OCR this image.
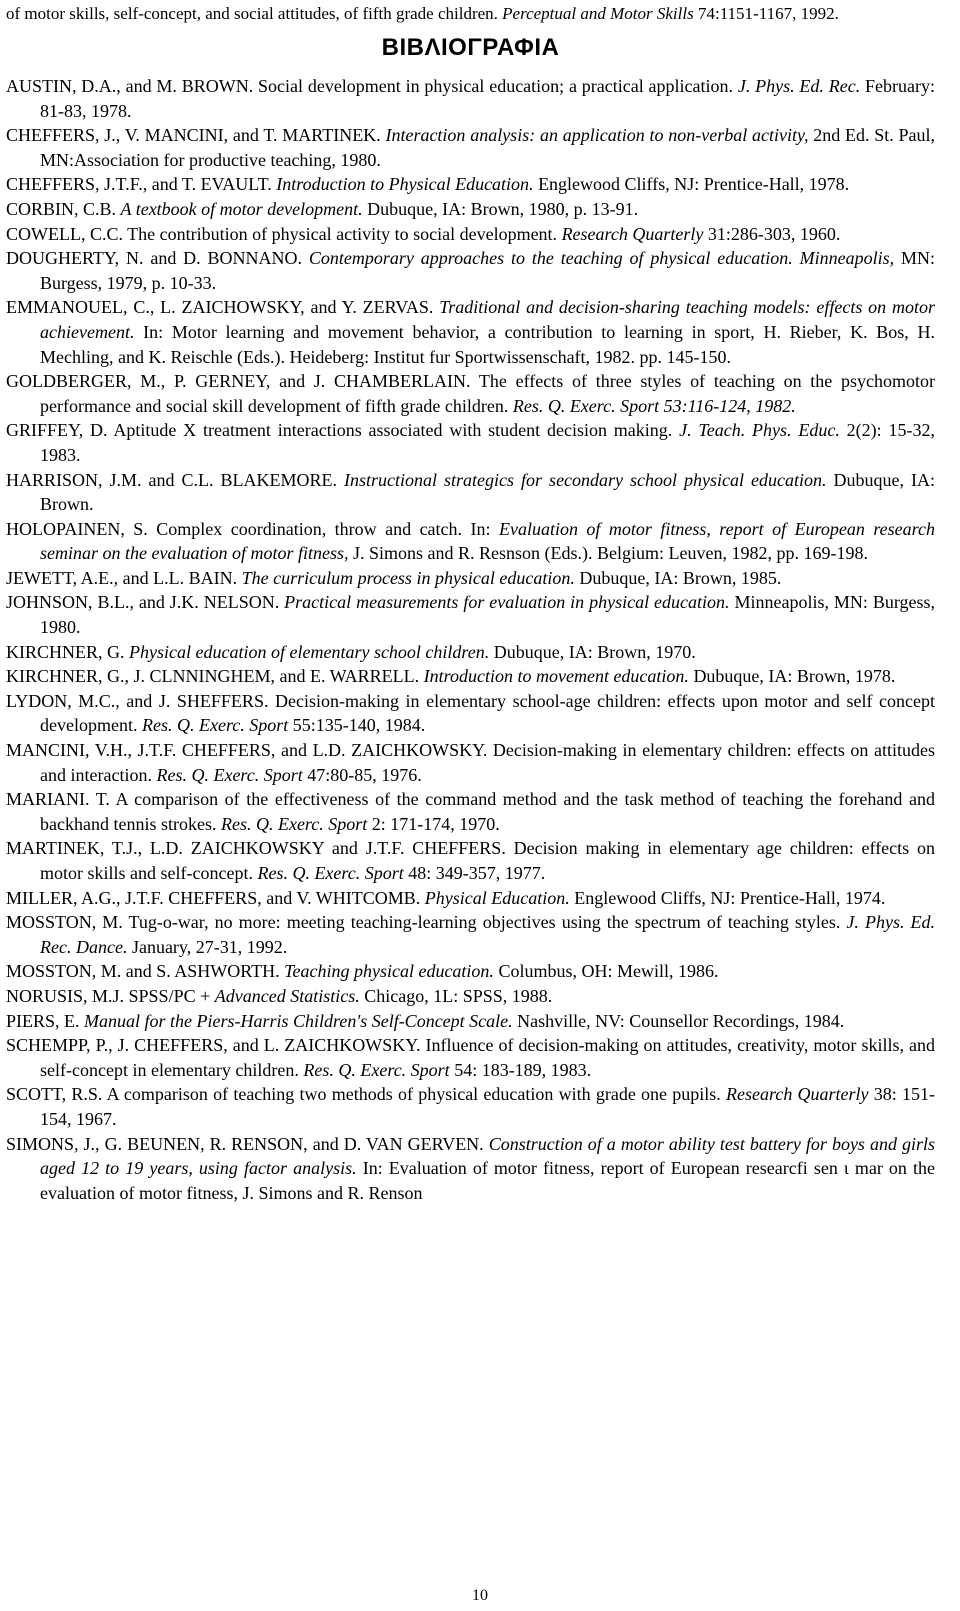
of motor skills, self-concept, and social attitudes, of fifth grade children. Perceptual and Motor Skills 74:1151-1167, 1992.
ΒΙΒΛΙΟΓΡΑΦΙΑ
AUSTIN, D.A., and M. BROWN. Social development in physical education; a practical application. J. Phys. Ed. Rec. February: 81-83, 1978.
CHEFFERS, J., V. MANCINI, and T. MARTINEK. Interaction analysis: an application to non-verbal activity, 2nd Ed. St. Paul, MN:Association for productive teaching, 1980.
CHEFFERS, J.T.F., and T. EVAULT. Introduction to Physical Education. Englewood Cliffs, NJ: Prentice-Hall, 1978.
CORBIN, C.B. A textbook of motor development. Dubuque, IA: Brown, 1980, p. 13-91.
COWELL, C.C. The contribution of physical activity to social development. Research Quarterly 31:286-303, 1960.
DOUGHERTY, N. and D. BONNANO. Contemporary approaches to the teaching of physical education. Minneapolis, MN: Burgess, 1979, p. 10-33.
EMMANOUEL, C., L. ZAICHOWSKY, and Y. ZERVAS. Traditional and decision-sharing teaching models: effects on motor achievement. In: Motor learning and movement behavior, a contribution to learning in sport, H. Rieber, K. Bos, H. Mechling, and K. Reischle (Eds.). Heideberg: Institut fur Sportwissenschaft, 1982. pp. 145-150.
GOLDBERGER, M., P. GERNEY, and J. CHAMBERLAIN. The effects of three styles of teaching on the psychomotor performance and social skill development of fifth grade children. Res. Q. Exerc. Sport 53:116-124, 1982.
GRIFFEY, D. Aptitude X treatment interactions associated with student decision making. J. Teach. Phys. Educ. 2(2): 15-32, 1983.
HARRISON, J.M. and C.L. BLAKEMORE. Instructional strategics for secondary school physical education. Dubuque, IA: Brown.
HOLOPAINEN, S. Complex coordination, throw and catch. In: Evaluation of motor fitness, report of European research seminar on the evaluation of motor fitness, J. Simons and R. Resnson (Eds.). Belgium: Leuven, 1982, pp. 169-198.
JEWETT, A.E., and L.L. BAIN. The curriculum process in physical education. Dubuque, IA: Brown, 1985.
JOHNSON, B.L., and J.K. NELSON. Practical measurements for evaluation in physical education. Minneapolis, MN: Burgess, 1980.
KIRCHNER, G. Physical education of elementary school children. Dubuque, IA: Brown, 1970.
KIRCHNER, G., J. CLNNINGHEM, and E. WARRELL. Introduction to movement education. Dubuque, IA: Brown, 1978.
LYDON, M.C., and J. SHEFFERS. Decision-making in elementary school-age children: effects upon motor and self concept development. Res. Q. Exerc. Sport 55:135-140, 1984.
MANCINI, V.H., J.T.F. CHEFFERS, and L.D. ZAICHKOWSKY. Decision-making in elementary children: effects on attitudes and interaction. Res. Q. Exerc. Sport 47:80-85, 1976.
MARIANI. T. A comparison of the effectiveness of the command method and the task method of teaching the forehand and backhand tennis strokes. Res. Q. Exerc. Sport 2: 171-174, 1970.
MARTINEK, T.J., L.D. ZAICHKOWSKY and J.T.F. CHEFFERS. Decision making in elementary age children: effects on motor skills and self-concept. Res. Q. Exerc. Sport 48: 349-357, 1977.
MILLER, A.G., J.T.F. CHEFFERS, and V. WHITCOMB. Physical Education. Englewood Cliffs, NJ: Prentice-Hall, 1974.
MOSSTON, M. Tug-o-war, no more: meeting teaching-learning objectives using the spectrum of teaching styles. J. Phys. Ed. Rec. Dance. January, 27-31, 1992.
MOSSTON, M. and S. ASHWORTH. Teaching physical education. Columbus, OH: Mewill, 1986.
NORUSIS, M.J. SPSS/PC + Advanced Statistics. Chicago, 1L: SPSS, 1988.
PIERS, E. Manual for the Piers-Harris Children's Self-Concept Scale. Nashville, NV: Counsellor Recordings, 1984.
SCHEMPP, P., J. CHEFFERS, and L. ZAICHKOWSKY. Influence of decision-making on attitudes, creativity, motor skills, and self-concept in elementary children. Res. Q. Exerc. Sport 54: 183-189, 1983.
SCOTT, R.S. A comparison of teaching two methods of physical education with grade one pupils. Research Quarterly 38: 151-154, 1967.
SIMONS, J., G. BEUNEN, R. RENSON, and D. VAN GERVEN. Construction of a motor ability test battery for boys and girls aged 12 to 19 years, using factor analysis. In: Evaluation of motor fitness, report of European researcfi sen ι mar on the evaluation of motor fitness, J. Simons and R. Renson
10
